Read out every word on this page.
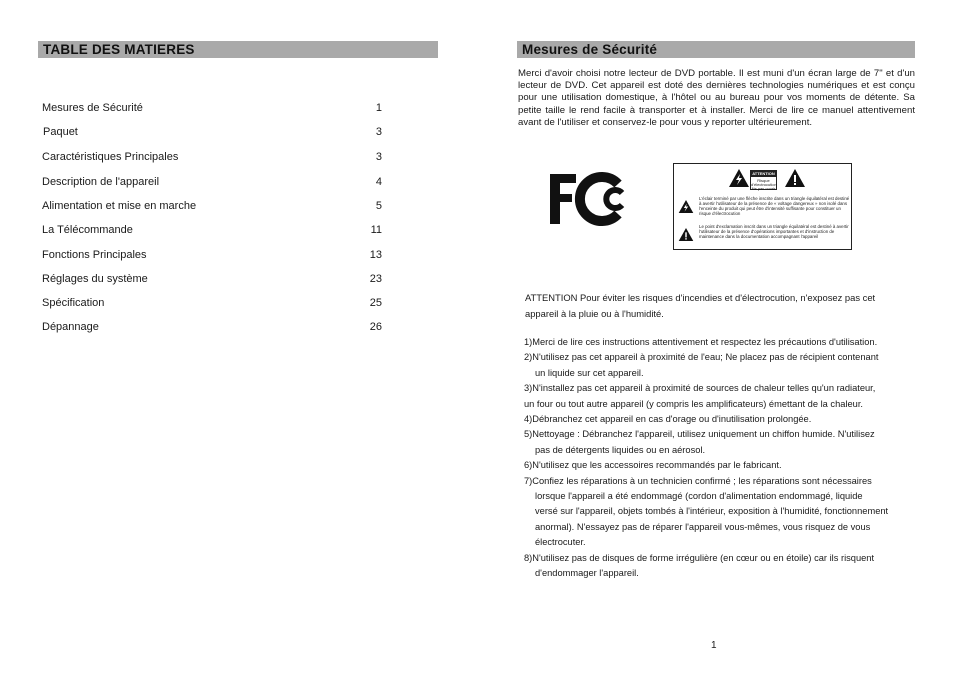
TABLE DES MATIERES
Mesures de Sécurité	1
Paquet	3
Caractéristiques Principales	3
Description de l'appareil	4
Alimentation et mise en marche	5
La Télécommande	11
Fonctions Principales	13
Réglages du système	23
Spécification	25
Dépannage	26
Mesures de Sécurité
Merci d'avoir choisi notre lecteur de DVD portable. Il est muni d'un écran large de 7" et d'un lecteur de DVD. Cet appareil est doté des dernières technologies numériques et est conçu pour une utilisation domestique, à l'hôtel ou au bureau pour vos moments de détente. Sa petite taille le rend facile à transporter et à installer. Merci de lire ce manuel attentivement avant de l'utiliser et conservez-le pour vous y reporter ultérieurement.
FC
ATTENTION
Risque d'électrocution Ne pas ouvrir
L'éclair terminé par une flèche inscrite dans un triangle équilatéral est destiné à avertir l'utilisateur de la présence de « voltage dangereux » non isolé dans l'enceinte du produit qui peut être d'intensité suffisante pour constituer un risque d'électrocution
Le point d'exclamation inscrit dans un triangle équilatéral est destiné à avertir l'utilisateur de la présence d'opérations importantes et d'instruction de maintenance dans la documentation accompagnant l'appareil
ATTENTION Pour éviter les risques d'incendies et d'électrocution, n'exposez pas cet
appareil à la pluie ou à l'humidité.
1)Merci de lire ces instructions attentivement et respectez les précautions d'utilisation.
2)N'utilisez pas cet appareil à proximité de l'eau; Ne placez pas de récipient contenant
un liquide sur cet appareil.
3)N'installez pas cet appareil à proximité de sources de chaleur telles qu'un radiateur,
un four ou tout autre appareil (y compris les amplificateurs) émettant de la chaleur.
4)Débranchez cet appareil en cas d'orage ou d'inutilisation prolongée.
5)Nettoyage : Débranchez l'appareil, utilisez uniquement un chiffon humide. N'utilisez
pas de détergents liquides ou en aérosol.
6)N'utilisez que les accessoires recommandés par le fabricant.
7)Confiez les réparations à un technicien confirmé ; les réparations sont nécessaires
lorsque l'appareil a été endommagé (cordon d'alimentation endommagé, liquide
versé sur l'appareil, objets tombés à l'intérieur, exposition à l'humidité, fonctionnement
anormal). N'essayez pas de réparer l'appareil vous-mêmes, vous risquez de vous
électrocuter.
8)N'utilisez pas de disques de forme irrégulière (en cœur ou en étoile) car ils risquent
d'endommager l'appareil.
1
